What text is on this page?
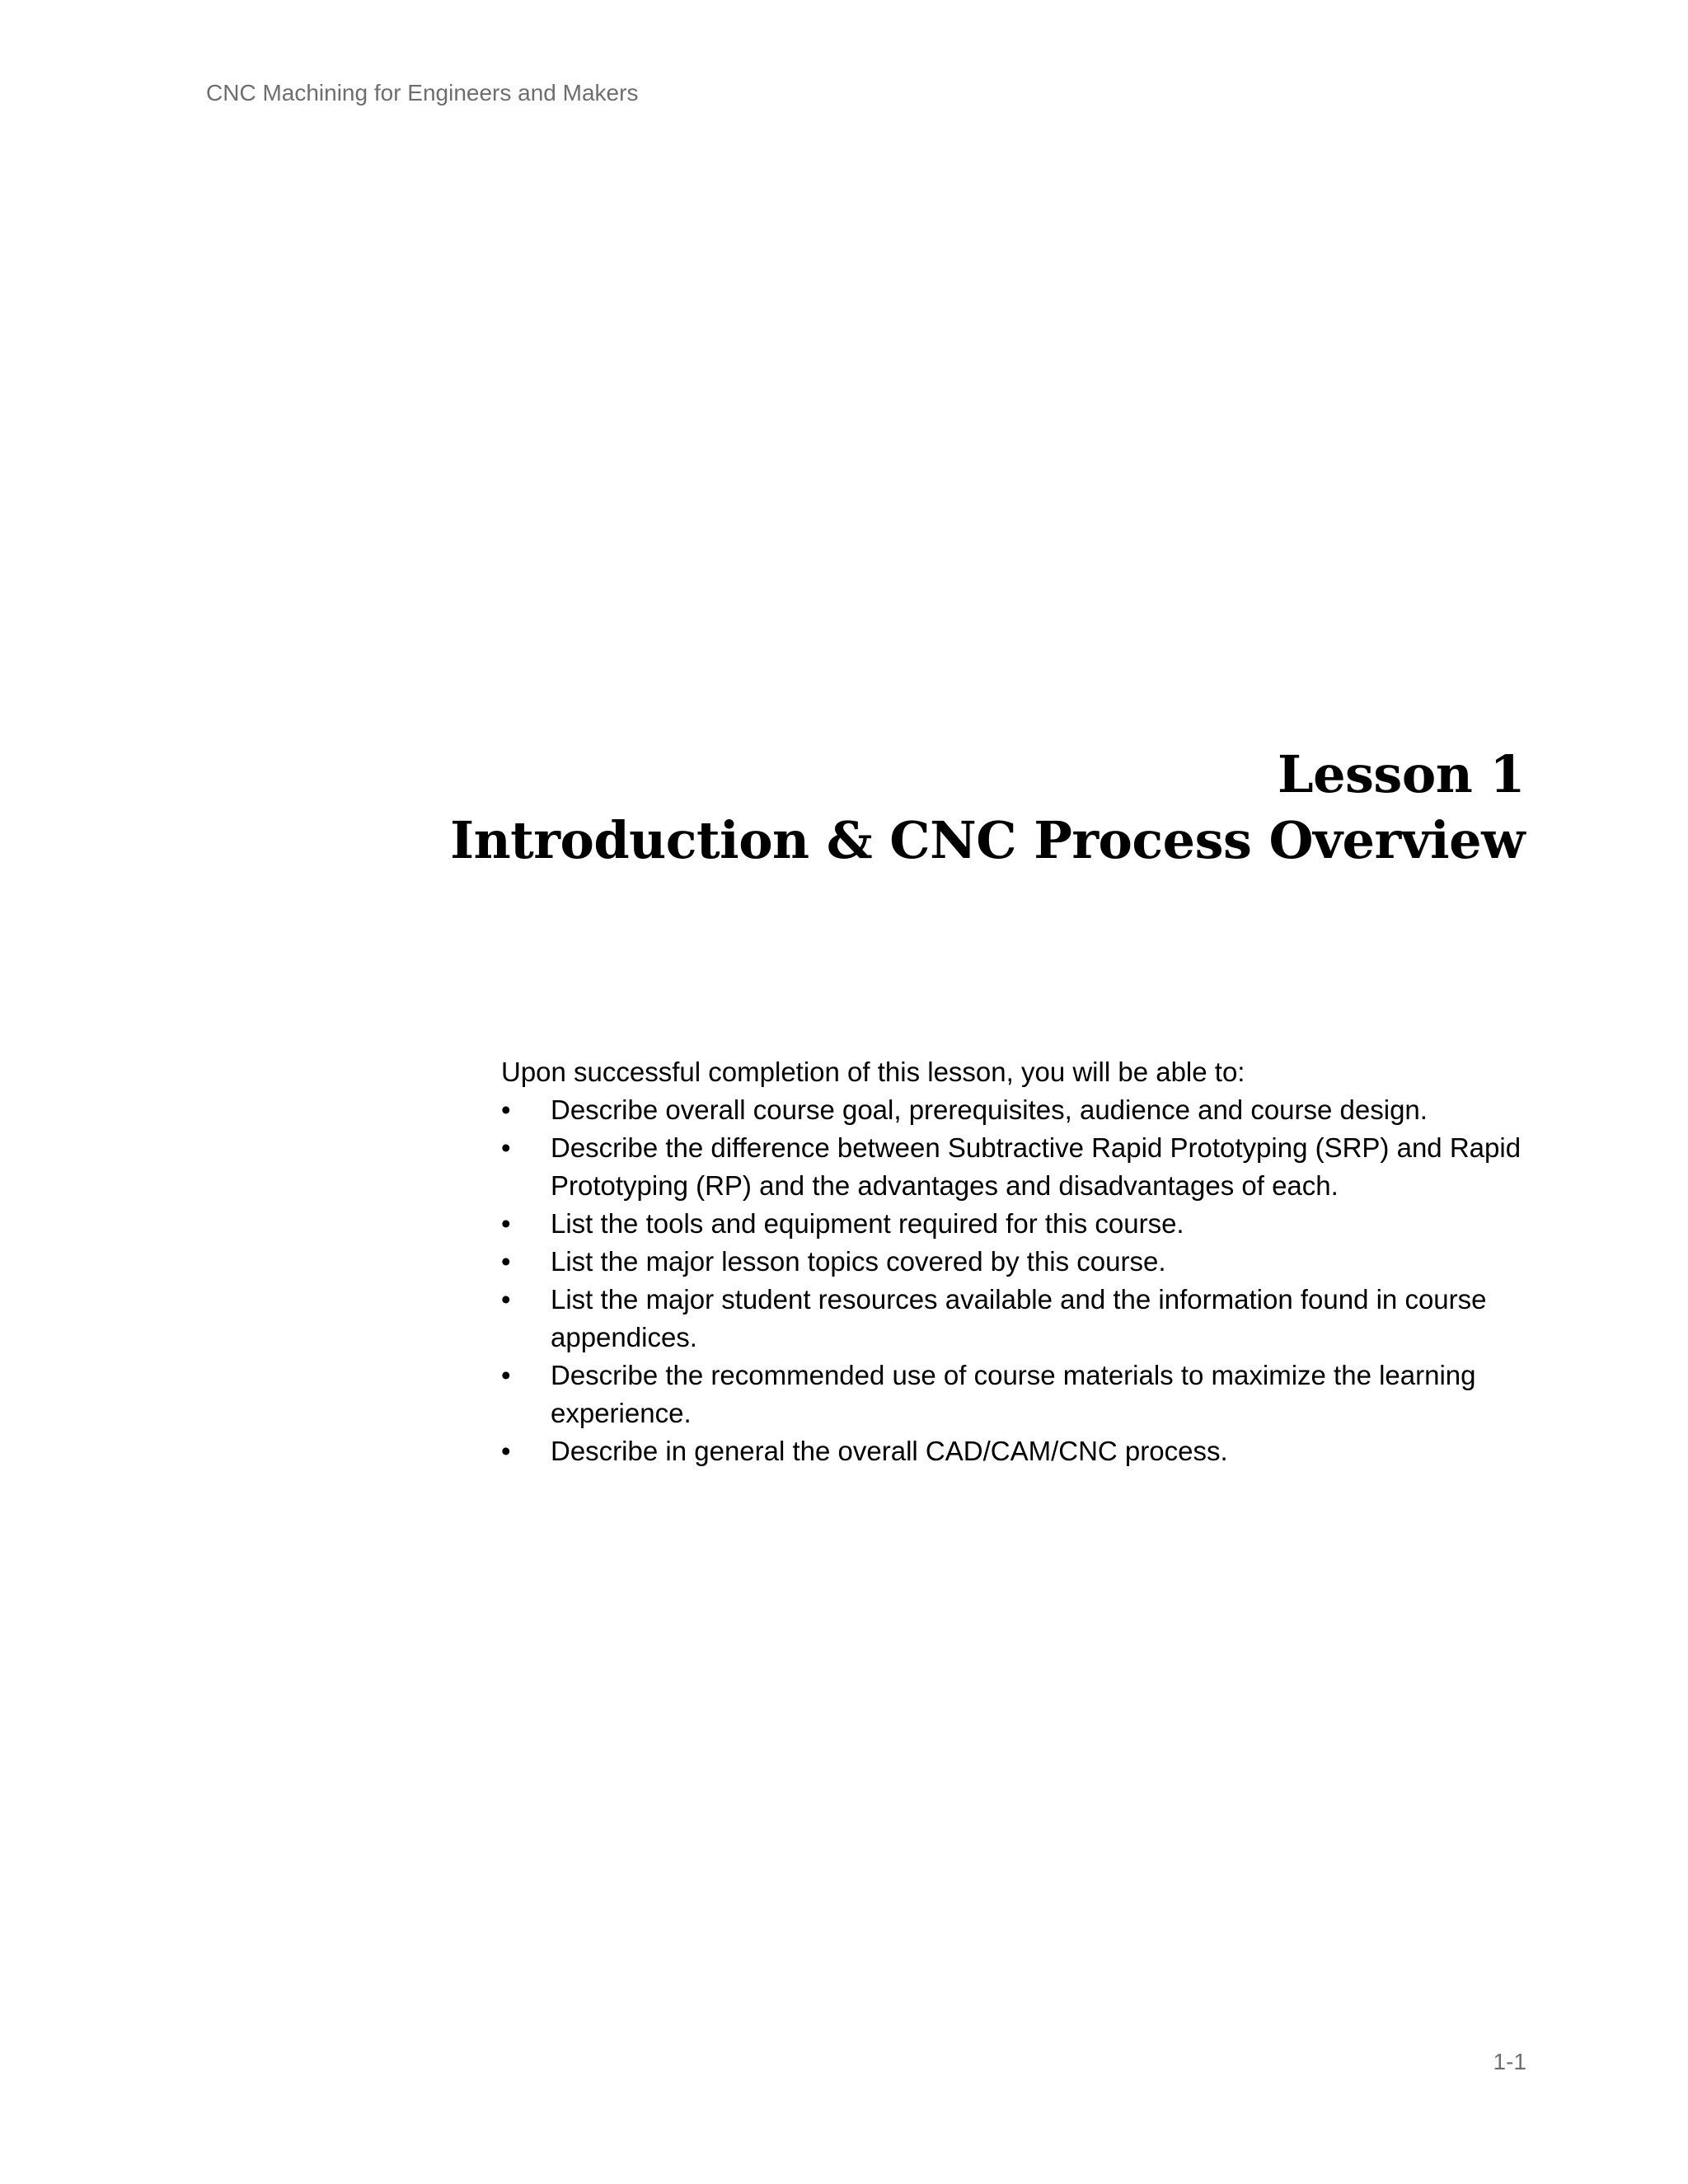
CNC Machining for Engineers and Makers
Lesson 1
Introduction & CNC Process Overview
Upon successful completion of this lesson, you will be able to:
•	Describe overall course goal, prerequisites, audience and course design.
•	Describe the difference between Subtractive Rapid Prototyping (SRP) and Rapid Prototyping (RP) and the advantages and disadvantages of each.
•	List the tools and equipment required for this course.
•	List the major lesson topics covered by this course.
•	List the major student resources available and the information found in course appendices.
•	Describe the recommended use of course materials to maximize the learning experience.
•	Describe in general the overall CAD/CAM/CNC process.
1-1
